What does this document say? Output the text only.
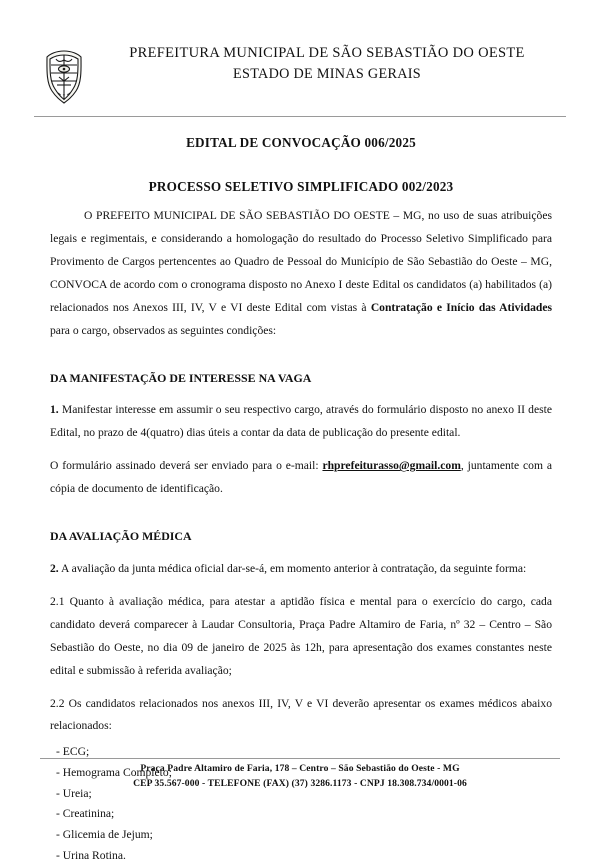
★ ★ ★
PREFEITURA MUNICIPAL DE SÃO SEBASTIÃO DO OESTE
ESTADO DE MINAS GERAIS
EDITAL DE CONVOCAÇÃO 006/2025
PROCESSO SELETIVO SIMPLIFICADO 002/2023

O PREFEITO MUNICIPAL DE SÃO SEBASTIÃO DO OESTE – MG, no uso de suas atribuições legais e regimentais, e considerando a homologação do resultado do Processo Seletivo Simplificado para Provimento de Cargos pertencentes ao Quadro de Pessoal do Município de São Sebastião do Oeste – MG, CONVOCA de acordo com o cronograma disposto no Anexo I deste Edital os candidatos (a) habilitados (a) relacionados nos Anexos III, IV, V e VI deste Edital com vistas à Contratação e Início das Atividades para o cargo, observados as seguintes condições:

DA MANIFESTAÇÃO DE INTERESSE NA VAGA

1. Manifestar interesse em assumir o seu respectivo cargo, através do formulário disposto no anexo II deste Edital, no prazo de 4(quatro) dias úteis a contar da data de publicação do presente edital.

O formulário assinado deverá ser enviado para o e-mail: rhprefeiturasso@gmail.com, juntamente com a cópia de documento de identificação.

DA AVALIAÇÃO MÉDICA

2. A avaliação da junta médica oficial dar-se-á, em momento anterior à contratação, da seguinte forma:

2.1 Quanto à avaliação médica, para atestar a aptidão física e mental para o exercício do cargo, cada candidato deverá comparecer à Laudar Consultoria, Praça Padre Altamiro de Faria, nº 32 – Centro – São Sebastião do Oeste, no dia 09 de janeiro de 2025 às 12h, para apresentação dos exames constantes neste edital e submissão à referida avaliação;

2.2 Os candidatos relacionados nos anexos III, IV, V e VI deverão apresentar os exames médicos abaixo relacionados:

- ECG;
- Hemograma Completo;
- Ureia;
- Creatinina;
- Glicemia de Jejum;
- Urina Rotina.
Praça Padre Altamiro de Faria, 178 – Centro – São Sebastião do Oeste - MG
CEP 35.567-000 - TELEFONE (FAX) (37) 3286.1173 - CNPJ 18.308.734/0001-06
